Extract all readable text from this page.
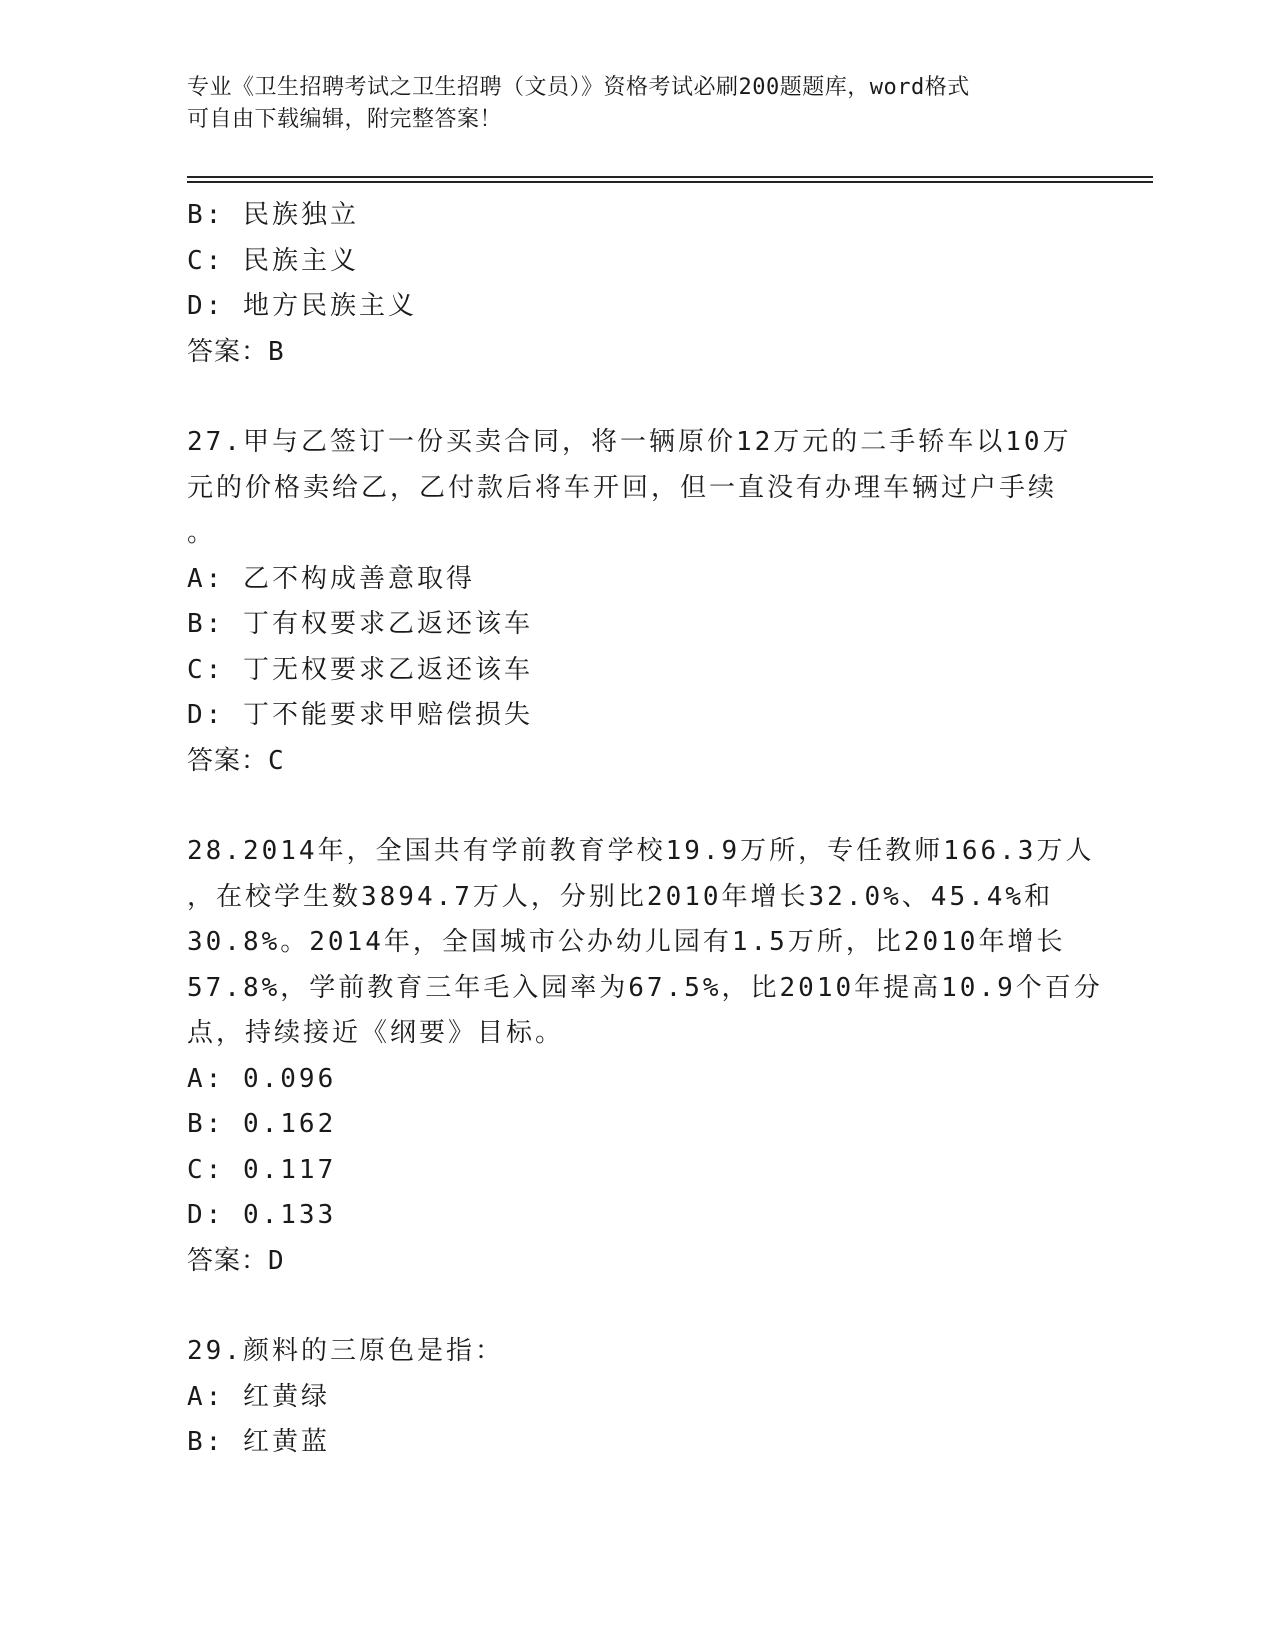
专业《卫生招聘考试之卫生招聘（文员）》资格考试必刷200题题库，word格式
可自由下载编辑，附完整答案！
B: 民族独立
C: 民族主义
D: 地方民族主义
答案：B
27.甲与乙签订一份买卖合同，将一辆原价12万元的二手轿车以10万
元的价格卖给乙，乙付款后将车开回，但一直没有办理车辆过户手续
。
A: 乙不构成善意取得
B: 丁有权要求乙返还该车
C: 丁无权要求乙返还该车
D: 丁不能要求甲赔偿损失
答案：C
28.2014年，全国共有学前教育学校19.9万所，专任教师166.3万人
，在校学生数3894.7万人，分别比2010年增长32.0%、45.4%和
30.8%。2014年，全国城市公办幼儿园有1.5万所，比2010年增长
57.8%，学前教育三年毛入园率为67.5%，比2010年提高10.9个百分
点，持续接近《纲要》目标。
A: 0.096
B: 0.162
C: 0.117
D: 0.133
答案：D
29.颜料的三原色是指：
A: 红黄绿
B: 红黄蓝
